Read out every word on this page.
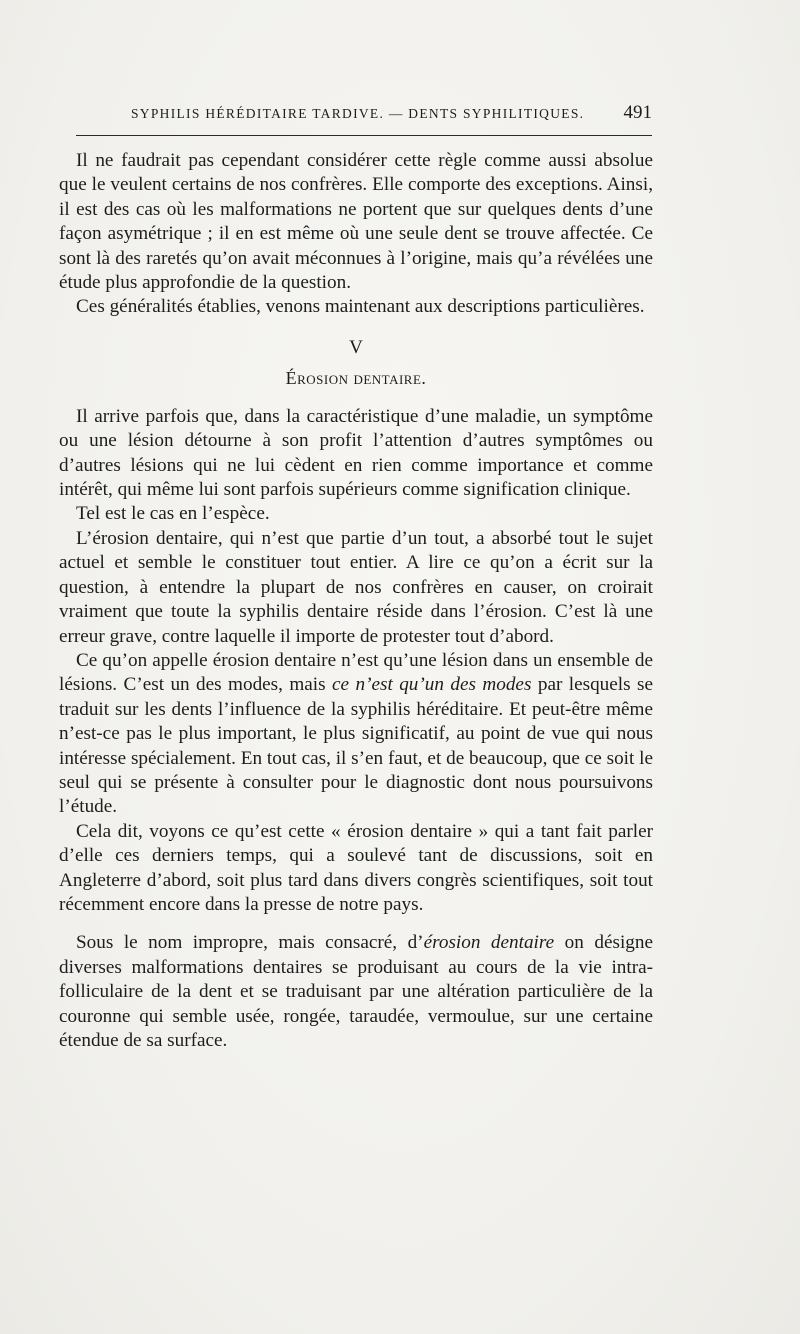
SYPHILIS HÉRÉDITAIRE TARDIVE. — DENTS SYPHILITIQUES. 491

Il ne faudrait pas cependant considérer cette règle comme aussi absolue que le veulent certains de nos confrères. Elle comporte des exceptions. Ainsi, il est des cas où les malformations ne portent que sur quelques dents d’une façon asymétrique ; il en est même où une seule dent se trouve affectée. Ce sont là des raretés qu’on avait méconnues à l’origine, mais qu’a révélées une étude plus approfondie de la question.

Ces généralités établies, venons maintenant aux descriptions particulières.

V
Érosion dentaire.

Il arrive parfois que, dans la caractéristique d’une maladie, un symptôme ou une lésion détourne à son profit l’attention d’autres symptômes ou d’autres lésions qui ne lui cèdent en rien comme importance et comme intérêt, qui même lui sont parfois supérieurs comme signification clinique.

Tel est le cas en l’espèce.

L’érosion dentaire, qui n’est que partie d’un tout, a absorbé tout le sujet actuel et semble le constituer tout entier. A lire ce qu’on a écrit sur la question, à entendre la plupart de nos confrères en causer, on croirait vraiment que toute la syphilis dentaire réside dans l’érosion. C’est là une erreur grave, contre laquelle il importe de protester tout d’abord.

Ce qu’on appelle érosion dentaire n’est qu’une lésion dans un ensemble de lésions. C’est un des modes, mais ce n’est qu’un des modes par lesquels se traduit sur les dents l’influence de la syphilis héréditaire. Et peut-être même n’est-ce pas le plus important, le plus significatif, au point de vue qui nous intéresse spécialement. En tout cas, il s’en faut, et de beaucoup, que ce soit le seul qui se présente à consulter pour le diagnostic dont nous poursuivons l’étude.

Cela dit, voyons ce qu’est cette « érosion dentaire » qui a tant fait parler d’elle ces derniers temps, qui a soulevé tant de discussions, soit en Angleterre d’abord, soit plus tard dans divers congrès scientifiques, soit tout récemment encore dans la presse de notre pays.

Sous le nom impropre, mais consacré, d’érosion dentaire on désigne diverses malformations dentaires se produisant au cours de la vie intra-folliculaire de la dent et se traduisant par une altération particulière de la couronne qui semble usée, rongée, taraudée, vermoulue, sur une certaine étendue de sa surface.
